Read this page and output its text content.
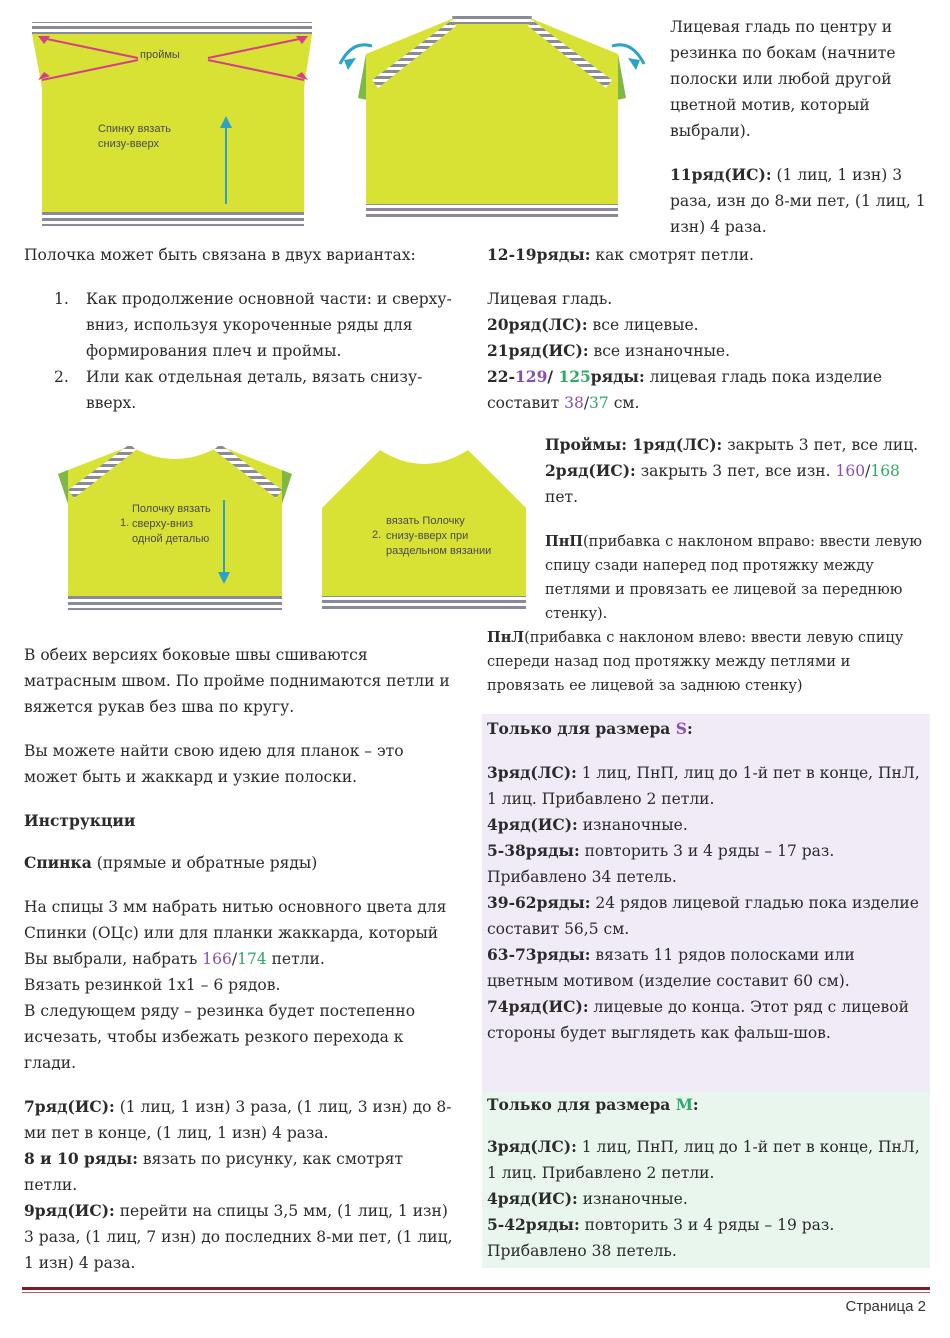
проймы
Спинку вязать снизу-вверх
Лицевая гладь по центру и резинка по бокам (начните полоски или любой другой цветной мотив, который выбрали).
11ряд(ИС): (1 лиц, 1 изн) 3 раза, изн до 8-ми пет, (1 лиц, 1 изн) 4 раза.
Полочка может быть связана в двух вариантах:
1. Как продолжение основной части: и сверху-вниз, используя укороченные ряды для формирования плеч и проймы.
2. Или как отдельная деталь, вязать снизу-вверх.
12-19ряды: как смотрят петли.
Лицевая гладь.
20ряд(ЛС): все лицевые.
21ряд(ИС): все изнаночные.
22-129/ 125ряды: лицевая гладь пока изделие составит 38/37 см.
1.
Полочку вязать сверху-вниз одной деталью	2.
вязать Полочку снизу-вверх при раздельном вязании
Проймы: 1ряд(ЛС): закрыть 3 пет, все лиц. 2ряд(ИС): закрыть 3 пет, все изн. 160/168 пет.
ПнП(прибавка с наклоном вправо: ввести левую спицу сзади наперед под протяжку между петлями и провязать ее лицевой за переднюю стенку).
ПнЛ(прибавка с наклоном влево: ввести левую спицу спереди назад под протяжку между петлями и провязать ее лицевой за заднюю стенку)
В обеих версиях боковые швы сшиваются матрасным швом. По пройме поднимаются петли и вяжется рукав без шва по кругу.
Вы можете найти свою идею для планок – это может быть и жаккард и узкие полоски.
Инструкции
Спинка (прямые и обратные ряды)
На спицы 3 мм набрать нитью основного цвета для Спинки (ОЦс) или для планки жаккарда, который Вы выбрали, набрать 166/174 петли.
Вязать резинкой 1х1 – 6 рядов.
В следующем ряду – резинка будет постепенно исчезать, чтобы избежать резкого перехода к глади.
7ряд(ИС): (1 лиц, 1 изн) 3 раза, (1 лиц, 3 изн) до 8-ми пет в конце, (1 лиц, 1 изн) 4 раза.
8 и 10 ряды: вязать по рисунку, как смотрят петли.
9ряд(ИС): перейти на спицы 3,5 мм, (1 лиц, 1 изн) 3 раза, (1 лиц, 7 изн) до последних 8-ми пет, (1 лиц, 1 изн) 4 раза.
Только для размера S:
3ряд(ЛС): 1 лиц, ПнП, лиц до 1-й пет в конце, ПнЛ, 1 лиц. Прибавлено 2 петли.
4ряд(ИС): изнаночные.
5-38ряды: повторить 3 и 4 ряды – 17 раз. Прибавлено 34 петель.
39-62ряды: 24 рядов лицевой гладью пока изделие составит 56,5 см.
63-73ряды: вязать 11 рядов полосками или цветным мотивом (изделие составит 60 см).
74ряд(ИС): лицевые до конца. Этот ряд с лицевой стороны будет выглядеть как фальш-шов.
Только для размера M:
3ряд(ЛС): 1 лиц, ПнП, лиц до 1-й пет в конце, ПнЛ, 1 лиц. Прибавлено 2 петли.
4ряд(ИС): изнаночные.
5-42ряды: повторить 3 и 4 ряды – 19 раз. Прибавлено 38 петель.
Страница 2
